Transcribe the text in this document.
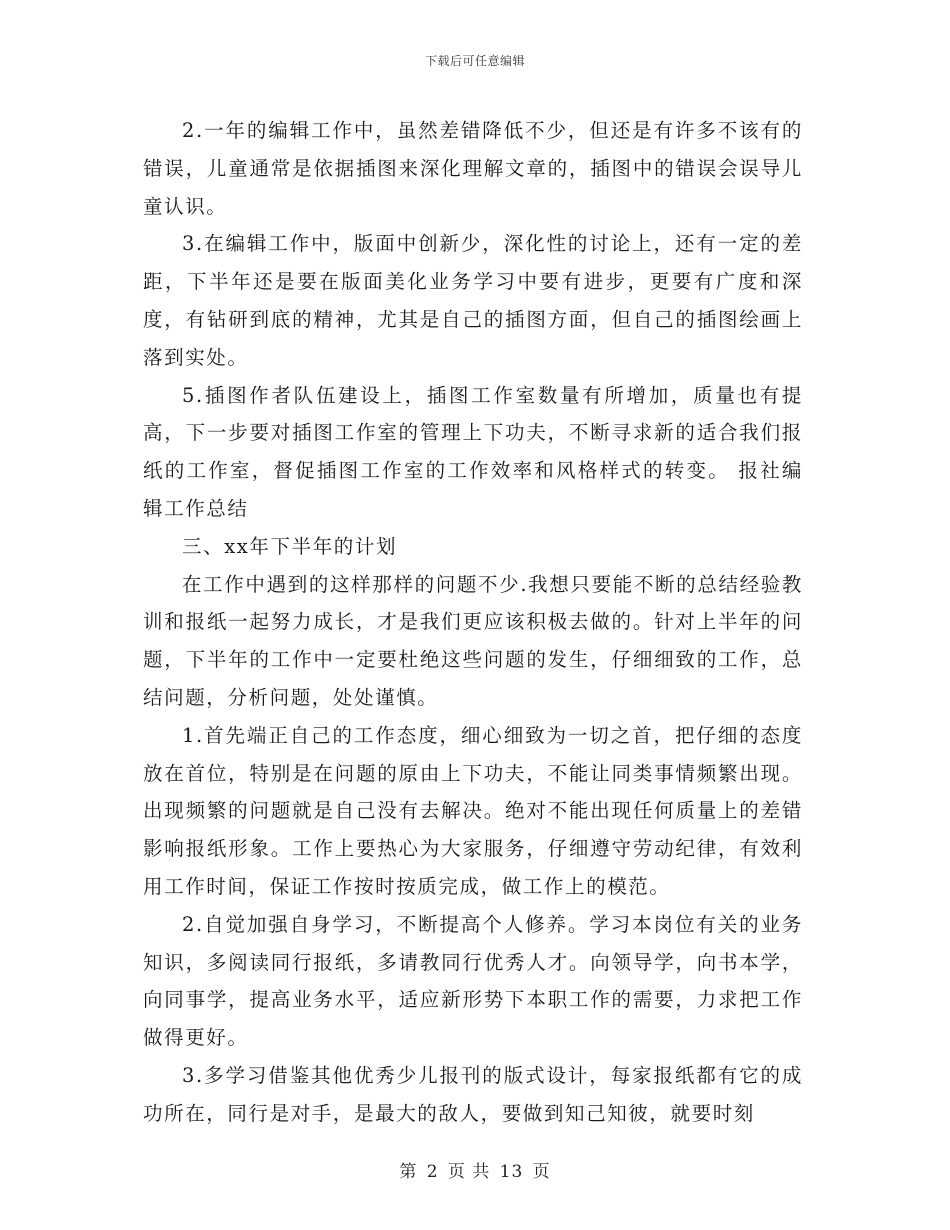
下载后可任意编辑

2.一年的编辑工作中，虽然差错降低不少，但还是有许多不该有的错误，儿童通常是依据插图来深化理解文章的，插图中的错误会误导儿童认识。

3.在编辑工作中，版面中创新少，深化性的讨论上，还有一定的差距，下半年还是要在版面美化业务学习中要有进步，更要有广度和深度，有钻研到底的精神，尤其是自己的插图方面，但自己的插图绘画上落到实处。

5.插图作者队伍建设上，插图工作室数量有所增加，质量也有提高，下一步要对插图工作室的管理上下功夫，不断寻求新的适合我们报纸的工作室，督促插图工作室的工作效率和风格样式的转变。 报社编辑工作总结

三、xx年下半年的计划

在工作中遇到的这样那样的问题不少.我想只要能不断的总结经验教训和报纸一起努力成长，才是我们更应该积极去做的。针对上半年的问题，下半年的工作中一定要杜绝这些问题的发生，仔细细致的工作，总结问题，分析问题，处处谨慎。

1.首先端正自己的工作态度，细心细致为一切之首，把仔细的态度放在首位，特别是在问题的原由上下功夫，不能让同类事情频繁出现。出现频繁的问题就是自己没有去解决。绝对不能出现任何质量上的差错影响报纸形象。工作上要热心为大家服务，仔细遵守劳动纪律，有效利用工作时间，保证工作按时按质完成，做工作上的模范。

2.自觉加强自身学习，不断提高个人修养。学习本岗位有关的业务知识，多阅读同行报纸，多请教同行优秀人才。向领导学，向书本学，向同事学，提高业务水平，适应新形势下本职工作的需要，力求把工作做得更好。

3.多学习借鉴其他优秀少儿报刊的版式设计，每家报纸都有它的成功所在，同行是对手，是最大的敌人，要做到知己知彼，就要时刻

第 2 页 共 13 页
